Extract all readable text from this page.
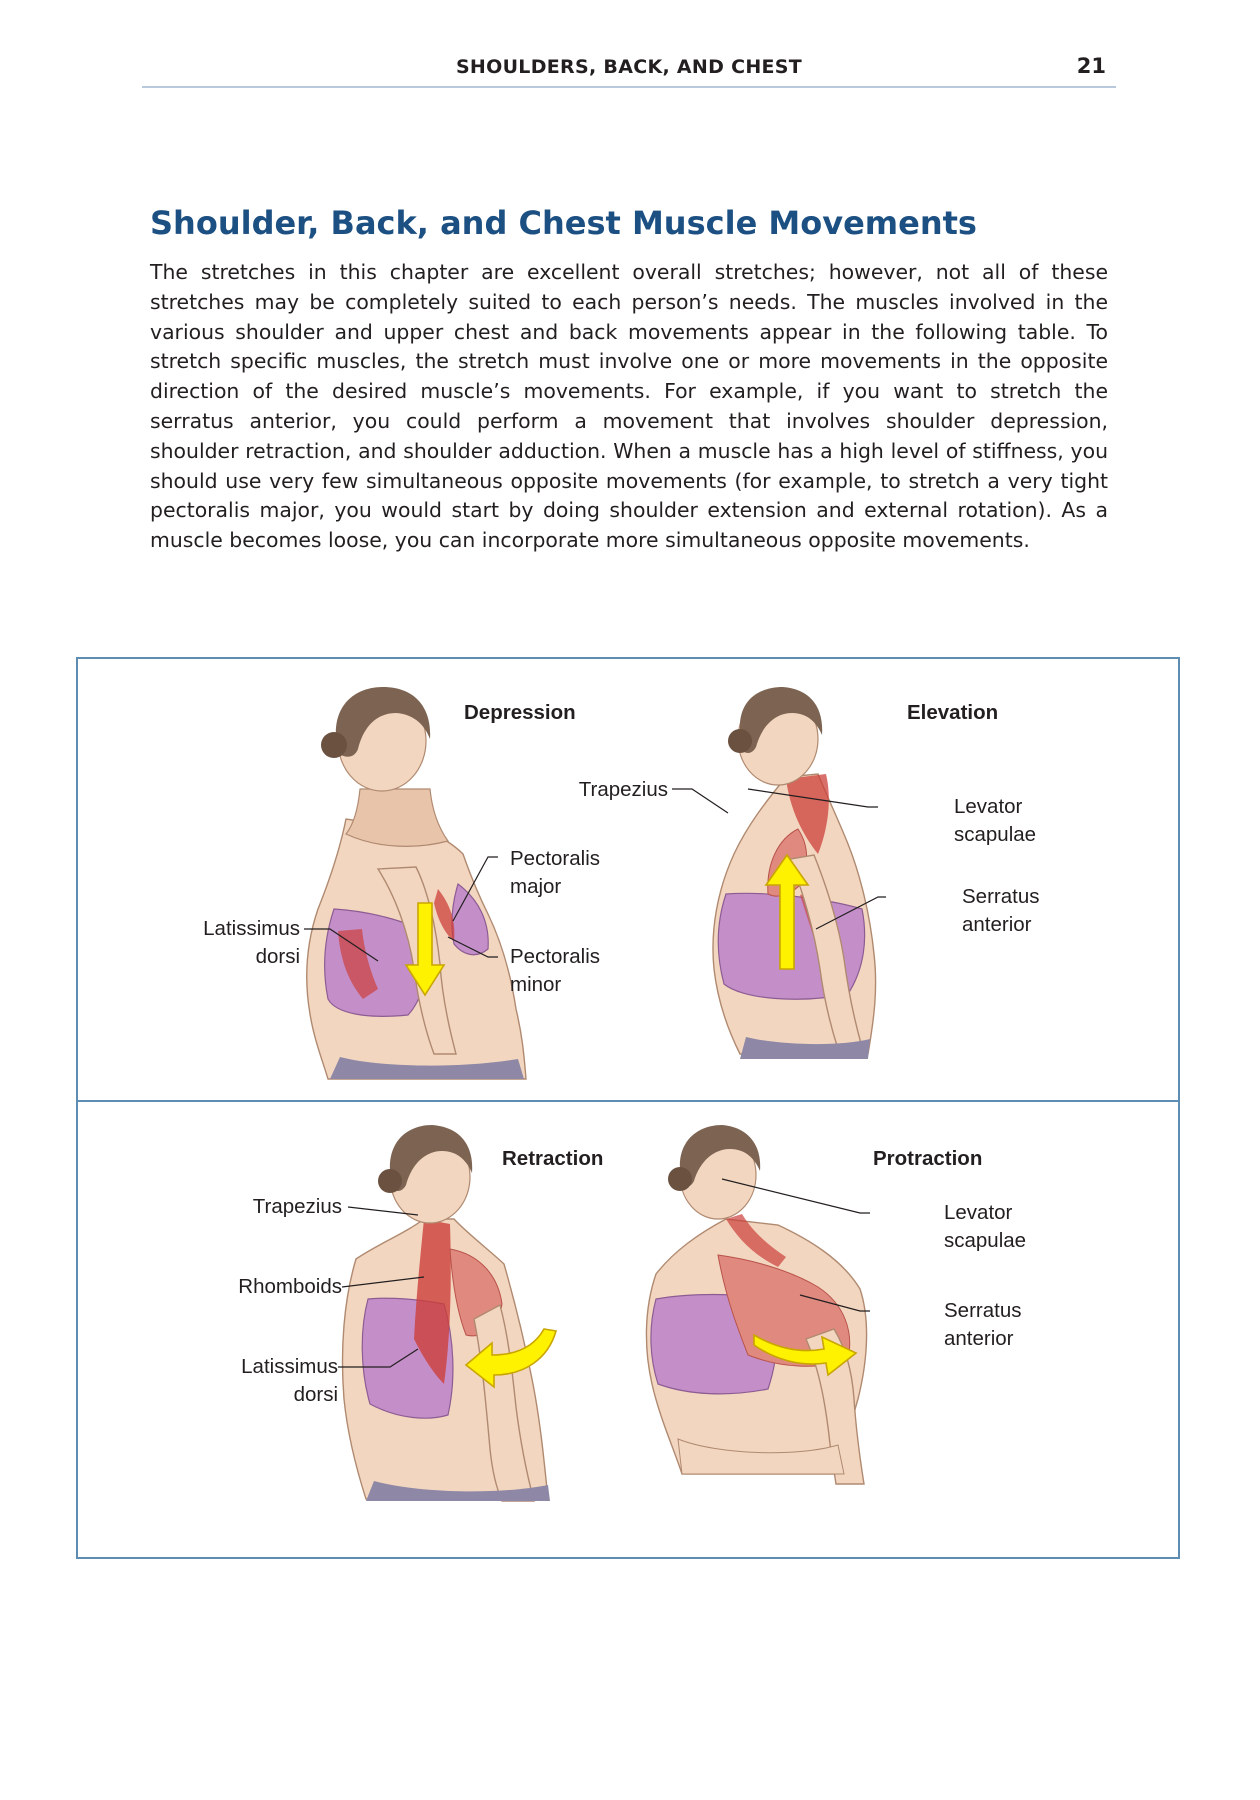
SHOULDERS, BACK, AND CHEST	21
Shoulder, Back, and Chest Muscle Movements

The stretches in this chapter are excellent overall stretches; however, not all of these stretches may be completely suited to each person’s needs. The muscles involved in the various shoulder and upper chest and back movements appear in the following table. To stretch specific muscles, the stretch must involve one or more movements in the opposite direction of the desired muscle’s movements. For example, if you want to stretch the serratus anterior, you could perform a movement that involves shoulder depression, shoulder retraction, and shoulder adduction. When a muscle has a high level of stiffness, you should use very few simultaneous opposite movements (for example, to stretch a very tight pectoralis major, you would start by doing shoulder extension and external rotation). As a muscle becomes loose, you can incorporate more simultaneous opposite movements.

Depression
Latissimus
dorsi
Pectoralis
major
Pectoralis
minor
Elevation
Trapezius
Levator
scapulae
Serratus
anterior
Retraction
Trapezius
Rhomboids
Latissimus
dorsi
Protraction
Levator
scapulae
Serratus
anterior
